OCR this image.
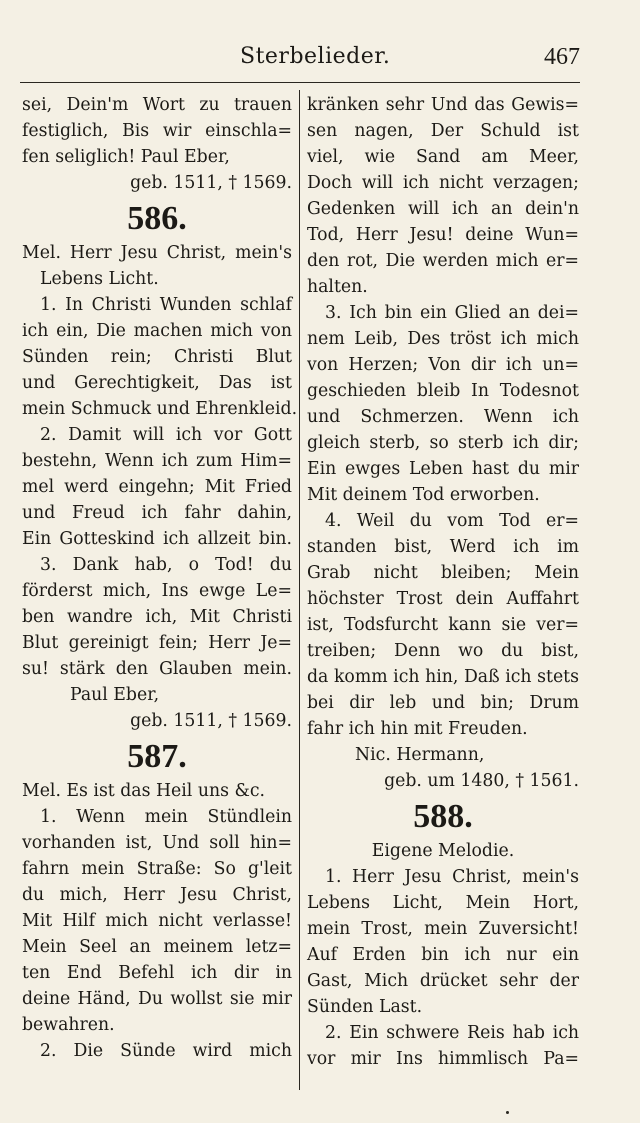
Sterbelieder.	467
sei, Dein'm Wort zu trauen
festiglich, Bis wir einschla=
fen seliglich! Paul Eber,
geb. 1511, † 1569.
586.
Mel. Herr Jesu Christ, mein's
Lebens Licht.
1. In Christi Wunden schlaf
ich ein, Die machen mich von
Sünden rein; Christi Blut
und Gerechtigkeit, Das ist
mein Schmuck und Ehrenkleid.
2. Damit will ich vor Gott
bestehn, Wenn ich zum Him=
mel werd eingehn; Mit Fried
und Freud ich fahr dahin,
Ein Gotteskind ich allzeit bin.
3. Dank hab, o Tod! du
förderst mich, Ins ewge Le=
ben wandre ich, Mit Christi
Blut gereinigt fein; Herr Je=
su! stärk den Glauben mein.
Paul Eber,
geb. 1511, † 1569.
587.
Mel. Es ist das Heil uns &c.
1. Wenn mein Stündlein
vorhanden ist, Und soll hin=
fahrn mein Straße: So g'leit
du mich, Herr Jesu Christ,
Mit Hilf mich nicht verlasse!
Mein Seel an meinem letz=
ten End Befehl ich dir in
deine Händ, Du wollst sie mir
bewahren.
2. Die Sünde wird mich
kränken sehr Und das Gewis=
sen nagen, Der Schuld ist
viel, wie Sand am Meer,
Doch will ich nicht verzagen;
Gedenken will ich an dein'n
Tod, Herr Jesu! deine Wun=
den rot, Die werden mich er=
halten.
3. Ich bin ein Glied an dei=
nem Leib, Des tröst ich mich
von Herzen; Von dir ich un=
geschieden bleib In Todesnot
und Schmerzen. Wenn ich
gleich sterb, so sterb ich dir;
Ein ewges Leben hast du mir
Mit deinem Tod erworben.
4. Weil du vom Tod er=
standen bist, Werd ich im
Grab nicht bleiben; Mein
höchster Trost dein Auffahrt
ist, Todsfurcht kann sie ver=
treiben; Denn wo du bist,
da komm ich hin, Daß ich stets
bei dir leb und bin; Drum
fahr ich hin mit Freuden.
Nic. Hermann,
geb. um 1480, † 1561.
588.
Eigene Melodie.
1. Herr Jesu Christ, mein's
Lebens Licht, Mein Hort,
mein Trost, mein Zuversicht!
Auf Erden bin ich nur ein
Gast, Mich drücket sehr der
Sünden Last.
2. Ein schwere Reis hab ich
vor mir Ins himmlisch Pa=
